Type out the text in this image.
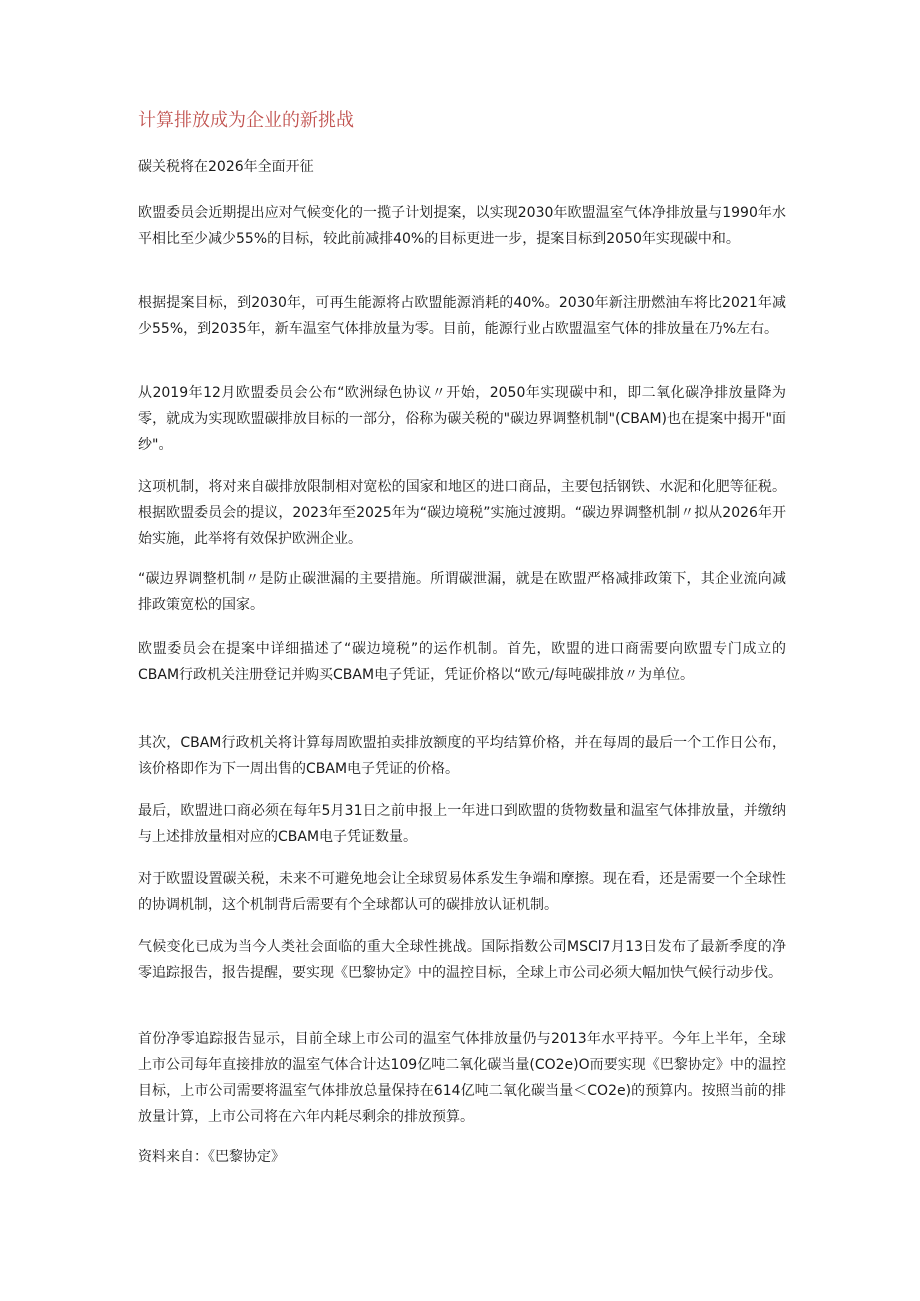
计算排放成为企业的新挑战
碳关税将在2026年全面开征

欧盟委员会近期提出应对气候变化的一揽子计划提案，以实现2030年欧盟温室气体净排放量与1990年水平相比至少减少55%的目标，较此前减排40%的目标更进一步，提案目标到2050年实现碳中和。

根据提案目标，到2030年，可再生能源将占欧盟能源消耗的40%。2030年新注册燃油车将比2021年减少55%，到2035年，新车温室气体排放量为零。目前，能源行业占欧盟温室气体的排放量在乃%左右。

从2019年12月欧盟委员会公布“欧洲绿色协议〃开始，2050年实现碳中和，即二氧化碳净排放量降为零，就成为实现欧盟碳排放目标的一部分，俗称为碳关税的"碳边界调整机制"(CBAM)也在提案中揭开"面纱"。

这项机制，将对来自碳排放限制相对宽松的国家和地区的进口商品，主要包括钢铁、水泥和化肥等征税。根据欧盟委员会的提议，2023年至2025年为“碳边境税”实施过渡期。“碳边界调整机制〃拟从2026年开始实施，此举将有效保护欧洲企业。

“碳边界调整机制〃是防止碳泄漏的主要措施。所谓碳泄漏，就是在欧盟严格减排政策下，其企业流向减排政策宽松的国家。

欧盟委员会在提案中详细描述了“碳边境税”的运作机制。首先，欧盟的进口商需要向欧盟专门成立的CBAM行政机关注册登记并购买CBAM电子凭证，凭证价格以“欧元/每吨碳排放〃为单位。

其次，CBAM行政机关将计算每周欧盟拍卖排放额度的平均结算价格，并在每周的最后一个工作日公布，该价格即作为下一周出售的CBAM电子凭证的价格。

最后，欧盟进口商必须在每年5月31日之前申报上一年进口到欧盟的货物数量和温室气体排放量，并缴纳与上述排放量相对应的CBAM电子凭证数量。

对于欧盟设置碳关税，未来不可避免地会让全球贸易体系发生争端和摩擦。现在看，还是需要一个全球性的协调机制，这个机制背后需要有个全球都认可的碳排放认证机制。

气候变化已成为当今人类社会面临的重大全球性挑战。国际指数公司MSCl7月13日发布了最新季度的净零追踪报告，报告提醒，要实现《巴黎协定》中的温控目标，全球上市公司必须大幅加快气候行动步伐。

首份净零追踪报告显示，目前全球上市公司的温室气体排放量仍与2013年水平持平。今年上半年，全球上市公司每年直接排放的温室气体合计达109亿吨二氧化碳当量(CO2e)O而要实现《巴黎协定》中的温控目标，上市公司需要将温室气体排放总量保持在614亿吨二氧化碳当量＜CO2e)的预算内。按照当前的排放量计算，上市公司将在六年内耗尽剩余的排放预算。

资料来自：《巴黎协定》
